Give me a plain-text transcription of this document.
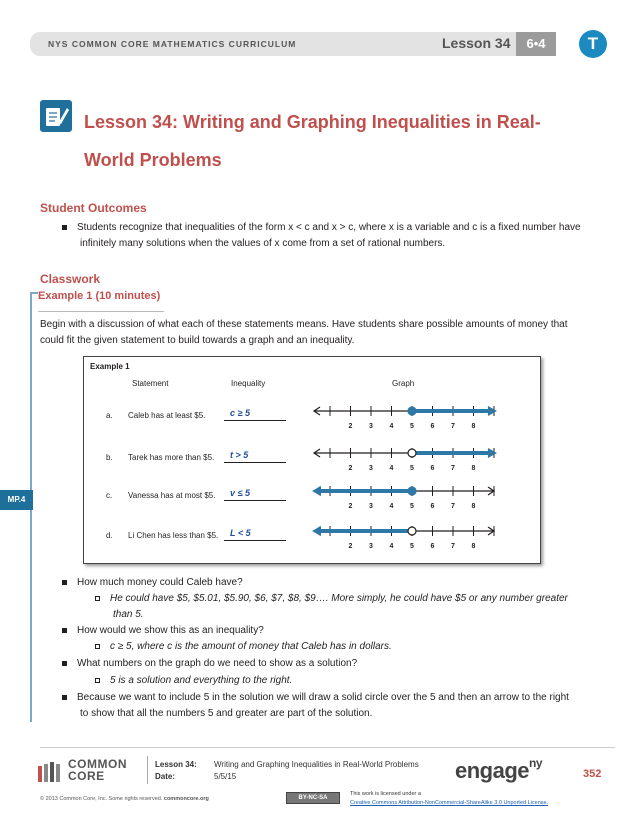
NYS COMMON CORE MATHEMATICS CURRICULUM	Lesson 34	6•4	T
Lesson 34: Writing and Graphing Inequalities in Real-World Problems
Student Outcomes
Students recognize that inequalities of the form x < c and x > c, where x is a variable and c is a fixed number have infinitely many solutions when the values of x come from a set of rational numbers.
Classwork
Example 1 (10 minutes)
Begin with a discussion of what each of these statements means. Have students share possible amounts of money that could fit the given statement to build towards a graph and an inequality.
Example 1
Statement	Inequality	Graph
a. Caleb has at least $5.	c ≥ 5
2 3 4 5 6 7 8
b. Tarek has more than $5. t > 5
2 3 4 5 6 7 8
c. Vanessa has at most $5. v ≤ 5
2 3 4 5 6 7 8
d. Li Chen has less than $5. L < 5
2 3 4 5 6 7 8
MP.4
How much money could Caleb have?
He could have $5, $5.01, $5.90, $6, $7, $8, $9…. More simply, he could have $5 or any number greater than 5.
How would we show this as an inequality?
c ≥ 5, where c is the amount of money that Caleb has in dollars.
What numbers on the graph do we need to show as a solution?
5 is a solution and everything to the right.
Because we want to include 5 in the solution we will draw a solid circle over the 5 and then an arrow to the right to show that all the numbers 5 and greater are part of the solution.
COMMON
CORE
Lesson 34: Writing and Graphing Inequalities in Real-World Problems
Date:	5/5/15	engage$^{ny}$
352
© 2013 Common Core, Inc. Some rights reserved. commoncore.org	BY-NC-SA
This work is licensed under a
Creative Commons Attribution-NonCommercial-ShareAlike 3.0 Unported License.
